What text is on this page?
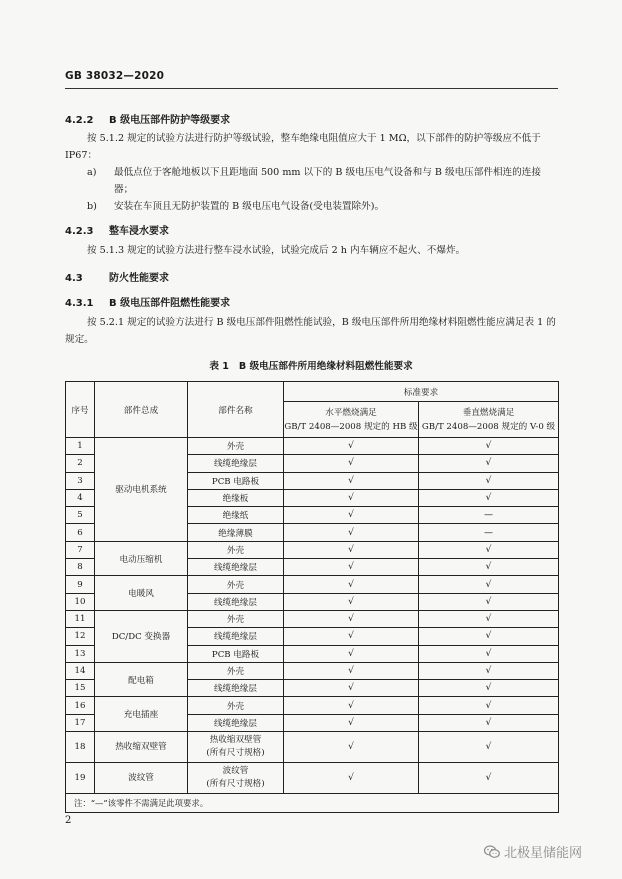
GB 38032—2020
4.2.2 B 级电压部件防护等级要求
按 5.1.2 规定的试验方法进行防护等级试验，整车绝缘电阻值应大于 1 MΩ，以下部件的防护等级应不低于 IP67：
a) 最低点位于客舱地板以下且距地面 500 mm 以下的 B 级电压电气设备和与 B 级电压部件相连的连接器；
b) 安装在车顶且无防护装置的 B 级电压电气设备(受电装置除外)。
4.2.3 整车浸水要求
按 5.1.3 规定的试验方法进行整车浸水试验，试验完成后 2 h 内车辆应不起火、不爆炸。
4.3	防火性能要求
4.3.1 B 级电压部件阻燃性能要求
按 5.2.1 规定的试验方法进行 B 级电压部件阻燃性能试验，B 级电压部件所用绝缘材料阻燃性能应满足表 1 的规定。
表 1 B 级电压部件所用绝缘材料阻燃性能要求
序号	部件总成	部件名称	标准要求	
			水平燃烧满足
GB/T 2408—2008 规定的 HB 级	垂直燃烧满足
GB/T 2408—2008 规定的 V-0 级
1	驱动电机系统	外壳	√	√
2		线缆绝缘层	√	√
3		PCB 电路板	√	√
4		绝缘板	√	√
5		绝缘纸	√	—
6		绝缘薄膜	√	—
7	电动压缩机	外壳	√	√
8		线缆绝缘层	√	√
9	电暖风	外壳	√	√
10		线缆绝缘层	√	√
11	DC/DC 变换器	外壳	√	√
12		线缆绝缘层	√	√
13		PCB 电路板	√	√
14	配电箱	外壳	√	√
15		线缆绝缘层	√	√
16	充电插座	外壳	√	√
17		线缆绝缘层	√	√
18	热收缩双壁管	热收缩双壁管
(所有尺寸规格)	√	√
19	波纹管	波纹管
(所有尺寸规格)	√	√
注：“—”该零件不需满足此项要求。				
2
北极星储能网
